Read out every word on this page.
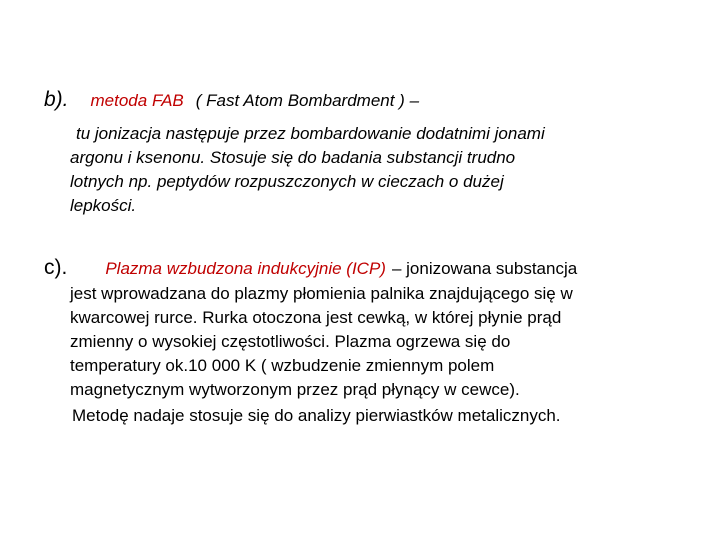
b). metoda FAB ( Fast Atom Bombardment ) –
tu jonizacja następuje przez bombardowanie dodatnimi jonami
argonu i ksenonu. Stosuje się do badania substancji trudno
lotnych np. peptydów rozpuszczonych w cieczach o dużej
lepkości.
c). Plazma wzbudzona indukcyjnie (ICP) – jonizowana substancja
jest wprowadzana do plazmy płomienia palnika znajdującego się w
kwarcowej rurce. Rurka otoczona jest cewką, w której płynie prąd
zmienny o wysokiej częstotliwości. Plazma ogrzewa się do
temperatury ok.10 000 K ( wzbudzenie zmiennym polem
magnetycznym wytworzonym przez prąd płynący w cewce).
Metodę nadaje stosuje się do analizy pierwiastków metalicznych.
